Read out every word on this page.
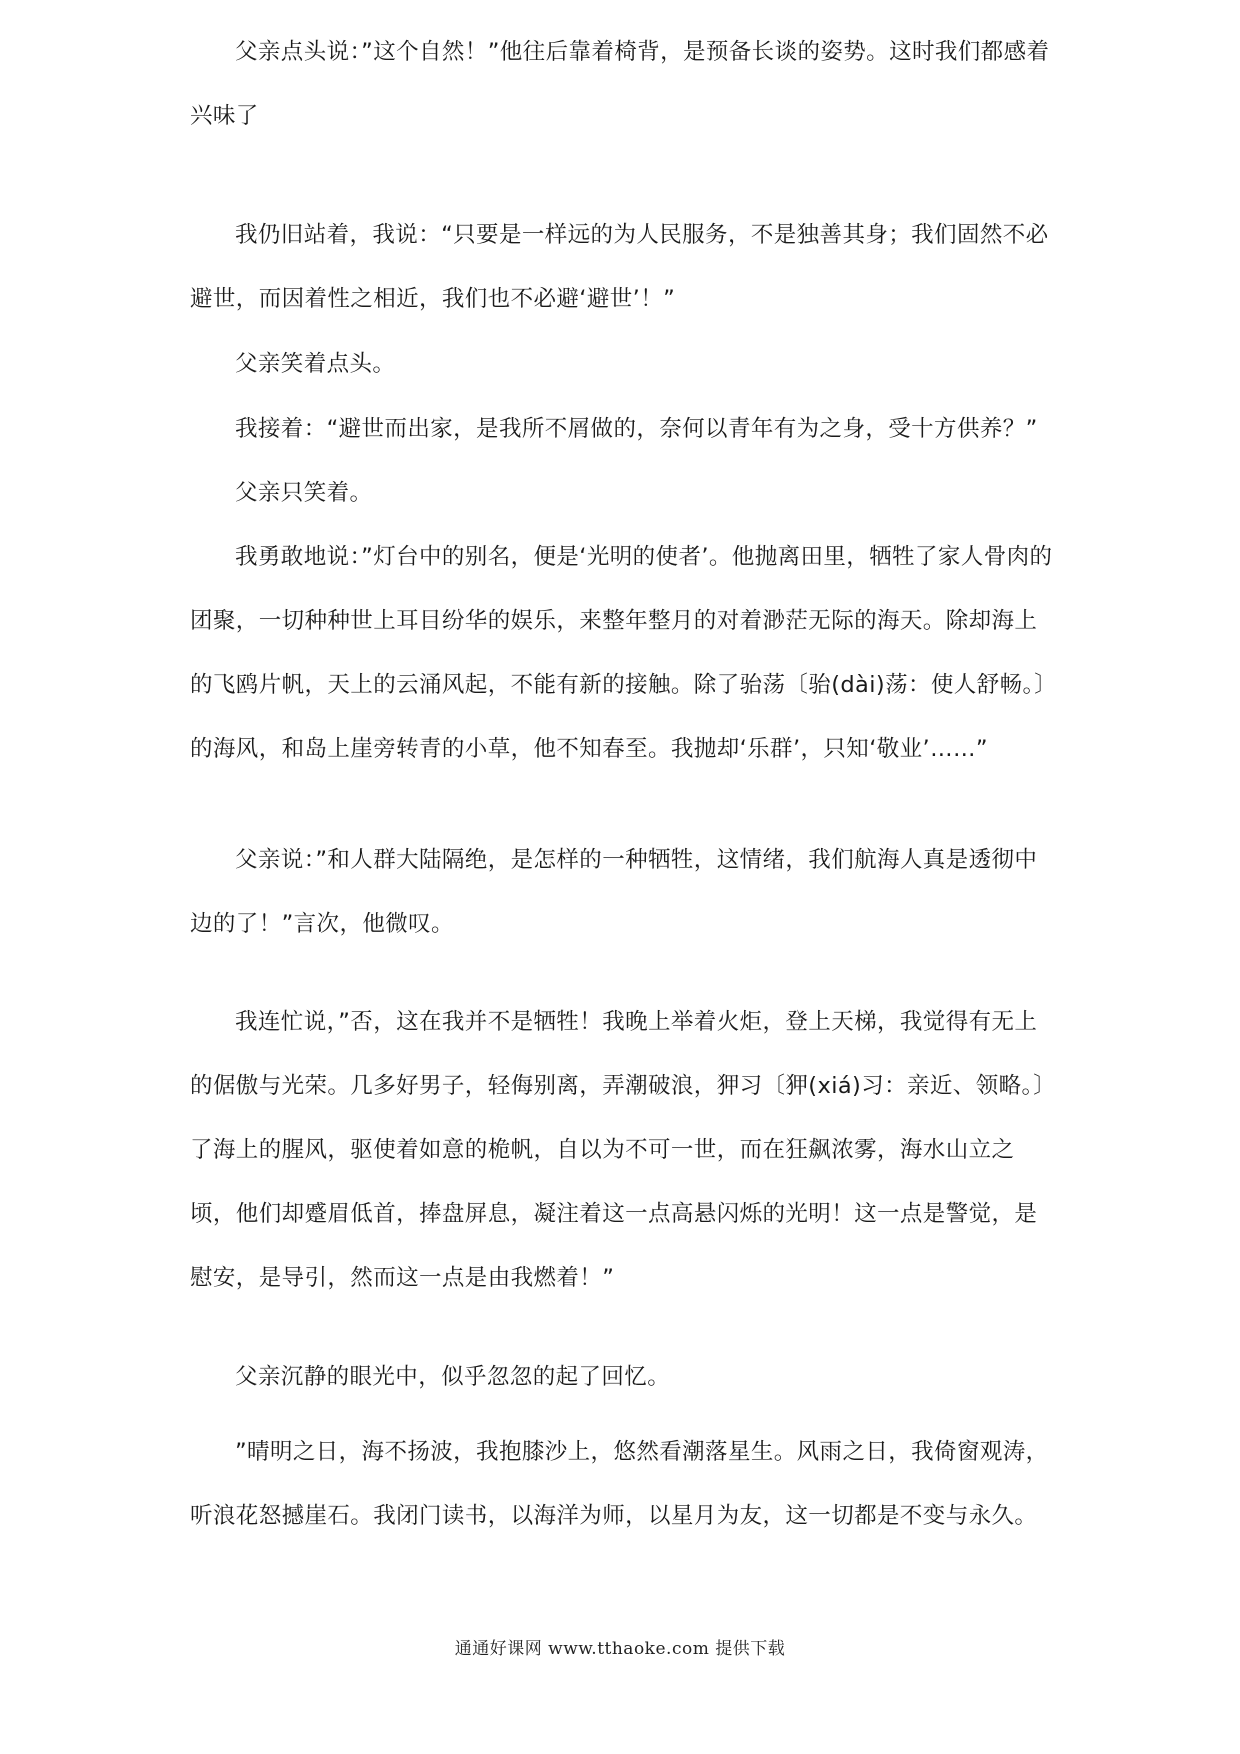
父亲点头说：”这个自然！”他往后靠着椅背，是预备长谈的姿势。这时我们都感着兴味了

我仍旧站着，我说：“只要是一样远的为人民服务，不是独善其身；我们固然不必避世，而因着性之相近，我们也不必避‘避世’！”

父亲笑着点头。

我接着：“避世而出家，是我所不屑做的，奈何以青年有为之身，受十方供养？”

父亲只笑着。

我勇敢地说：”灯台中的别名，便是‘光明的使者’。他抛离田里，牺牲了家人骨肉的团聚，一切种种世上耳目纷华的娱乐，来整年整月的对着渺茫无际的海天。除却海上的飞鸥片帆，天上的云涌风起，不能有新的接触。除了骀荡〔骀(dài)荡：使人舒畅。〕的海风，和岛上崖旁转青的小草，他不知春至。我抛却‘乐群’，只知‘敬业’……”

父亲说：”和人群大陆隔绝，是怎样的一种牺牲，这情绪，我们航海人真是透彻中边的了！”言次，他微叹。

我连忙说，”否，这在我并不是牺牲！我晚上举着火炬，登上天梯，我觉得有无上的倨傲与光荣。几多好男子，轻侮别离，弄潮破浪，狎习〔狎(xiá)习：亲近、领略。〕了海上的腥风，驱使着如意的桅帆，自以为不可一世，而在狂飙浓雾，海水山立之顷，他们却蹙眉低首，捧盘屏息，凝注着这一点高悬闪烁的光明！这一点是警觉，是慰安，是导引，然而这一点是由我燃着！”

父亲沉静的眼光中，似乎忽忽的起了回忆。

”晴明之日，海不扬波，我抱膝沙上，悠然看潮落星生。风雨之日，我倚窗观涛，听浪花怒撼崖石。我闭门读书，以海洋为师，以星月为友，这一切都是不变与永久。

通通好课网 www.tthaoke.com 提供下载
